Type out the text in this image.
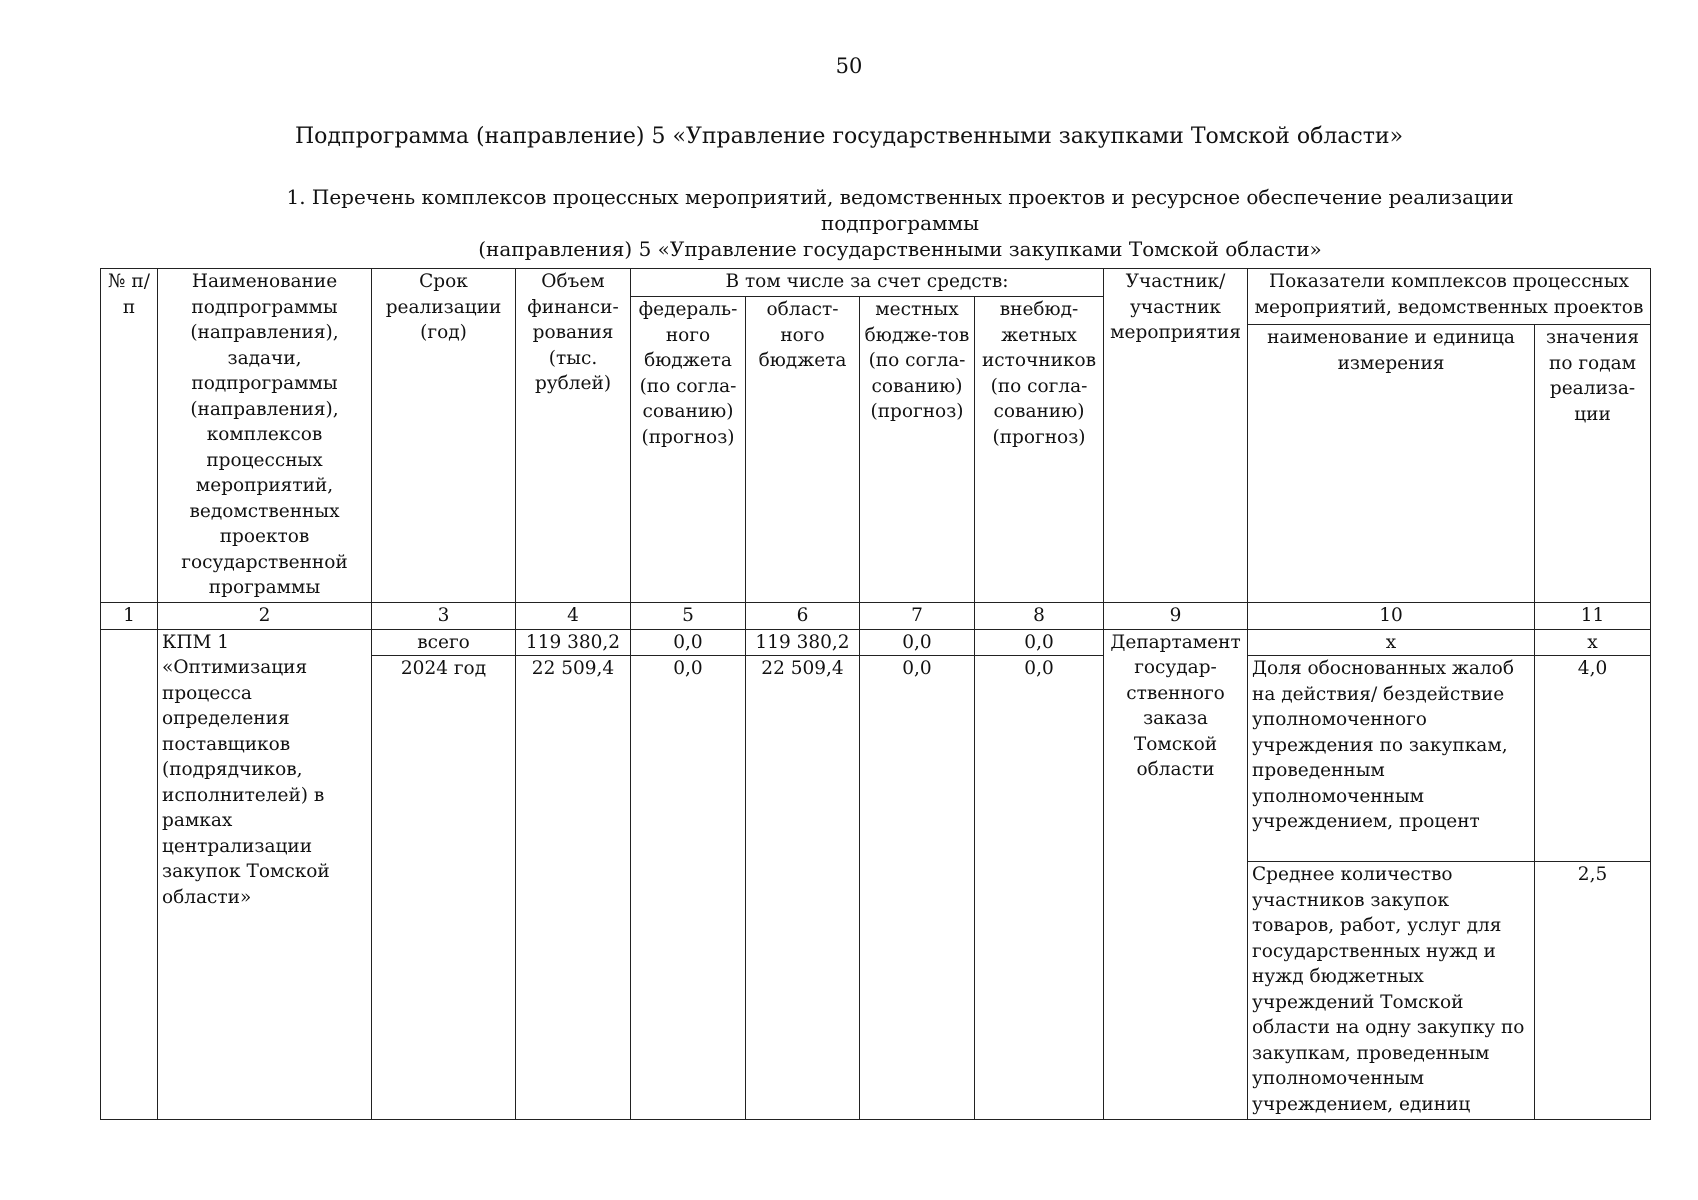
50
Подпрограмма (направление) 5 «Управление государственными закупками Томской области»
1. Перечень комплексов процессных мероприятий, ведомственных проектов и ресурсное обеспечение реализации подпрограммы
(направления) 5 «Управление государственными закупками Томской области»
№ п/п	Наименование подпрограммы (направления), задачи, подпрограммы (направления), комплексов процессных мероприятий, ведомственных проектов государственной программы	Срок реализации (год)	Объем финанси-рования (тыс. рублей)	В том числе за счет средств:				Участник/ участник мероприятия	Показатели комплексов процессных мероприятий, ведомственных проектов	
				федераль-ного бюджета (по согла-сованию) (прогноз)	област-ного бюджета	местных бюдже-тов (по согла-сованию) (прогноз)	внебюд-жетных источников (по согла-сованию) (прогноз)			
									наименование и единица измерения	значения по годам реализа-ции
1	2	3	4	5	6	7	8	9	10	11
	КПМ 1 «Оптимизация процесса определения поставщиков (подрядчиков, исполнителей) в рамках централизации закупок Томской области»	всего	119 380,2	0,0	119 380,2	0,0	0,0	Департамент государ-ственного заказа Томской области	х	х
		2024 год	22 509,4	0,0	22 509,4	0,0	0,0		Доля обоснованных жалоб на действия/ бездействие уполномоченного учреждения по закупкам, проведенным уполномоченным учреждением, процент	4,0
									Среднее количество участников закупок товаров, работ, услуг для государственных нужд и нужд бюджетных учреждений Томской области на одну закупку по закупкам, проведенным уполномоченным учреждением, единиц	2,5
